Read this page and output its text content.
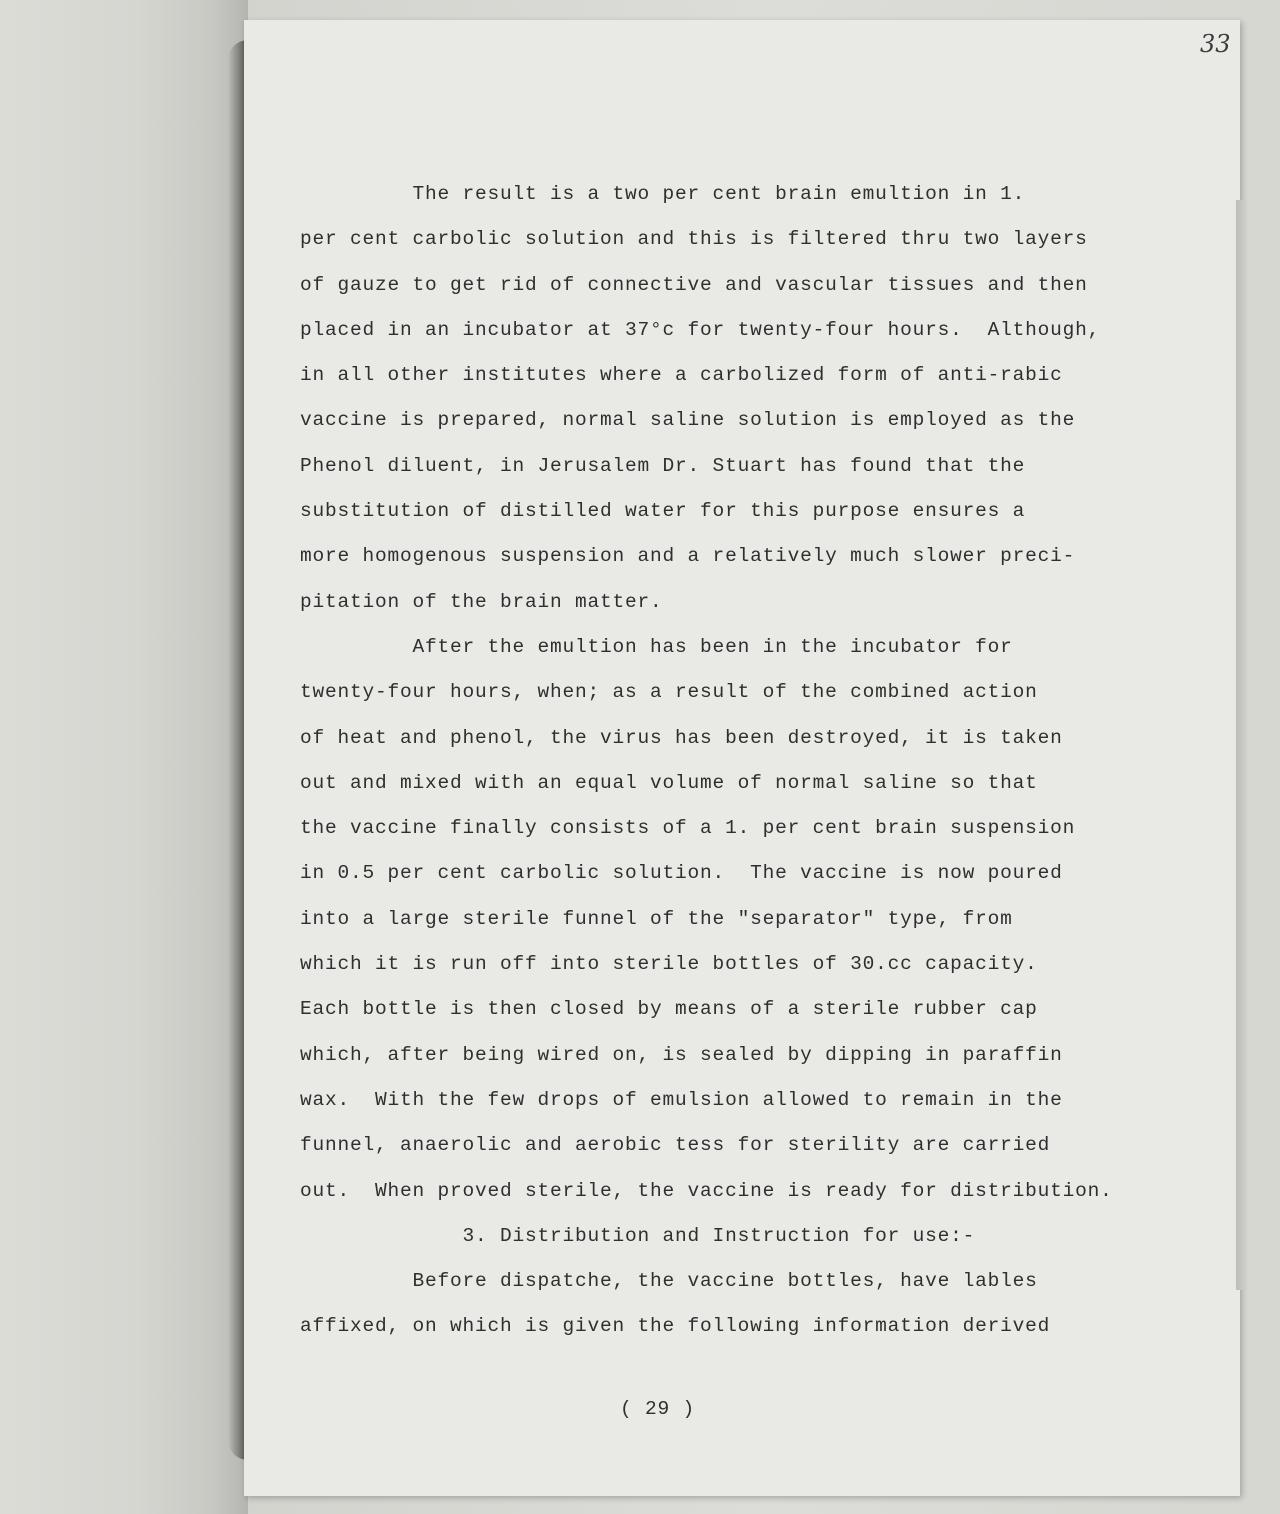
33
The result is a two per cent brain emultion in 1.
per cent carbolic solution and this is filtered thru two layers
of gauze to get rid of connective and vascular tissues and then
placed in an incubator at 37°c for twenty-four hours.  Although,
in all other institutes where a carbolized form of anti-rabic
vaccine is prepared, normal saline solution is employed as the
Phenol diluent, in Jerusalem Dr. Stuart has found that the
substitution of distilled water for this purpose ensures a
more homogenous suspension and a relatively much slower preci-
pitation of the brain matter.
After the emultion has been in the incubator for
twenty-four hours, when; as a result of the combined action
of heat and phenol, the virus has been destroyed, it is taken
out and mixed with an equal volume of normal saline so that
the vaccine finally consists of a 1. per cent brain suspension
in 0.5 per cent carbolic solution.  The vaccine is now poured
into a large sterile funnel of the "separator" type, from
which it is run off into sterile bottles of 30.cc capacity.
Each bottle is then closed by means of a sterile rubber cap
which, after being wired on, is sealed by dipping in paraffin
wax.  With the few drops of emulsion allowed to remain in the
funnel, anaerolic and aerobic tess for sterility are carried
out.  When proved sterile, the vaccine is ready for distribution.
3. Distribution and Instruction for use:-
Before dispatche, the vaccine bottles, have lables
affixed, on which is given the following information derived
( 29 )
